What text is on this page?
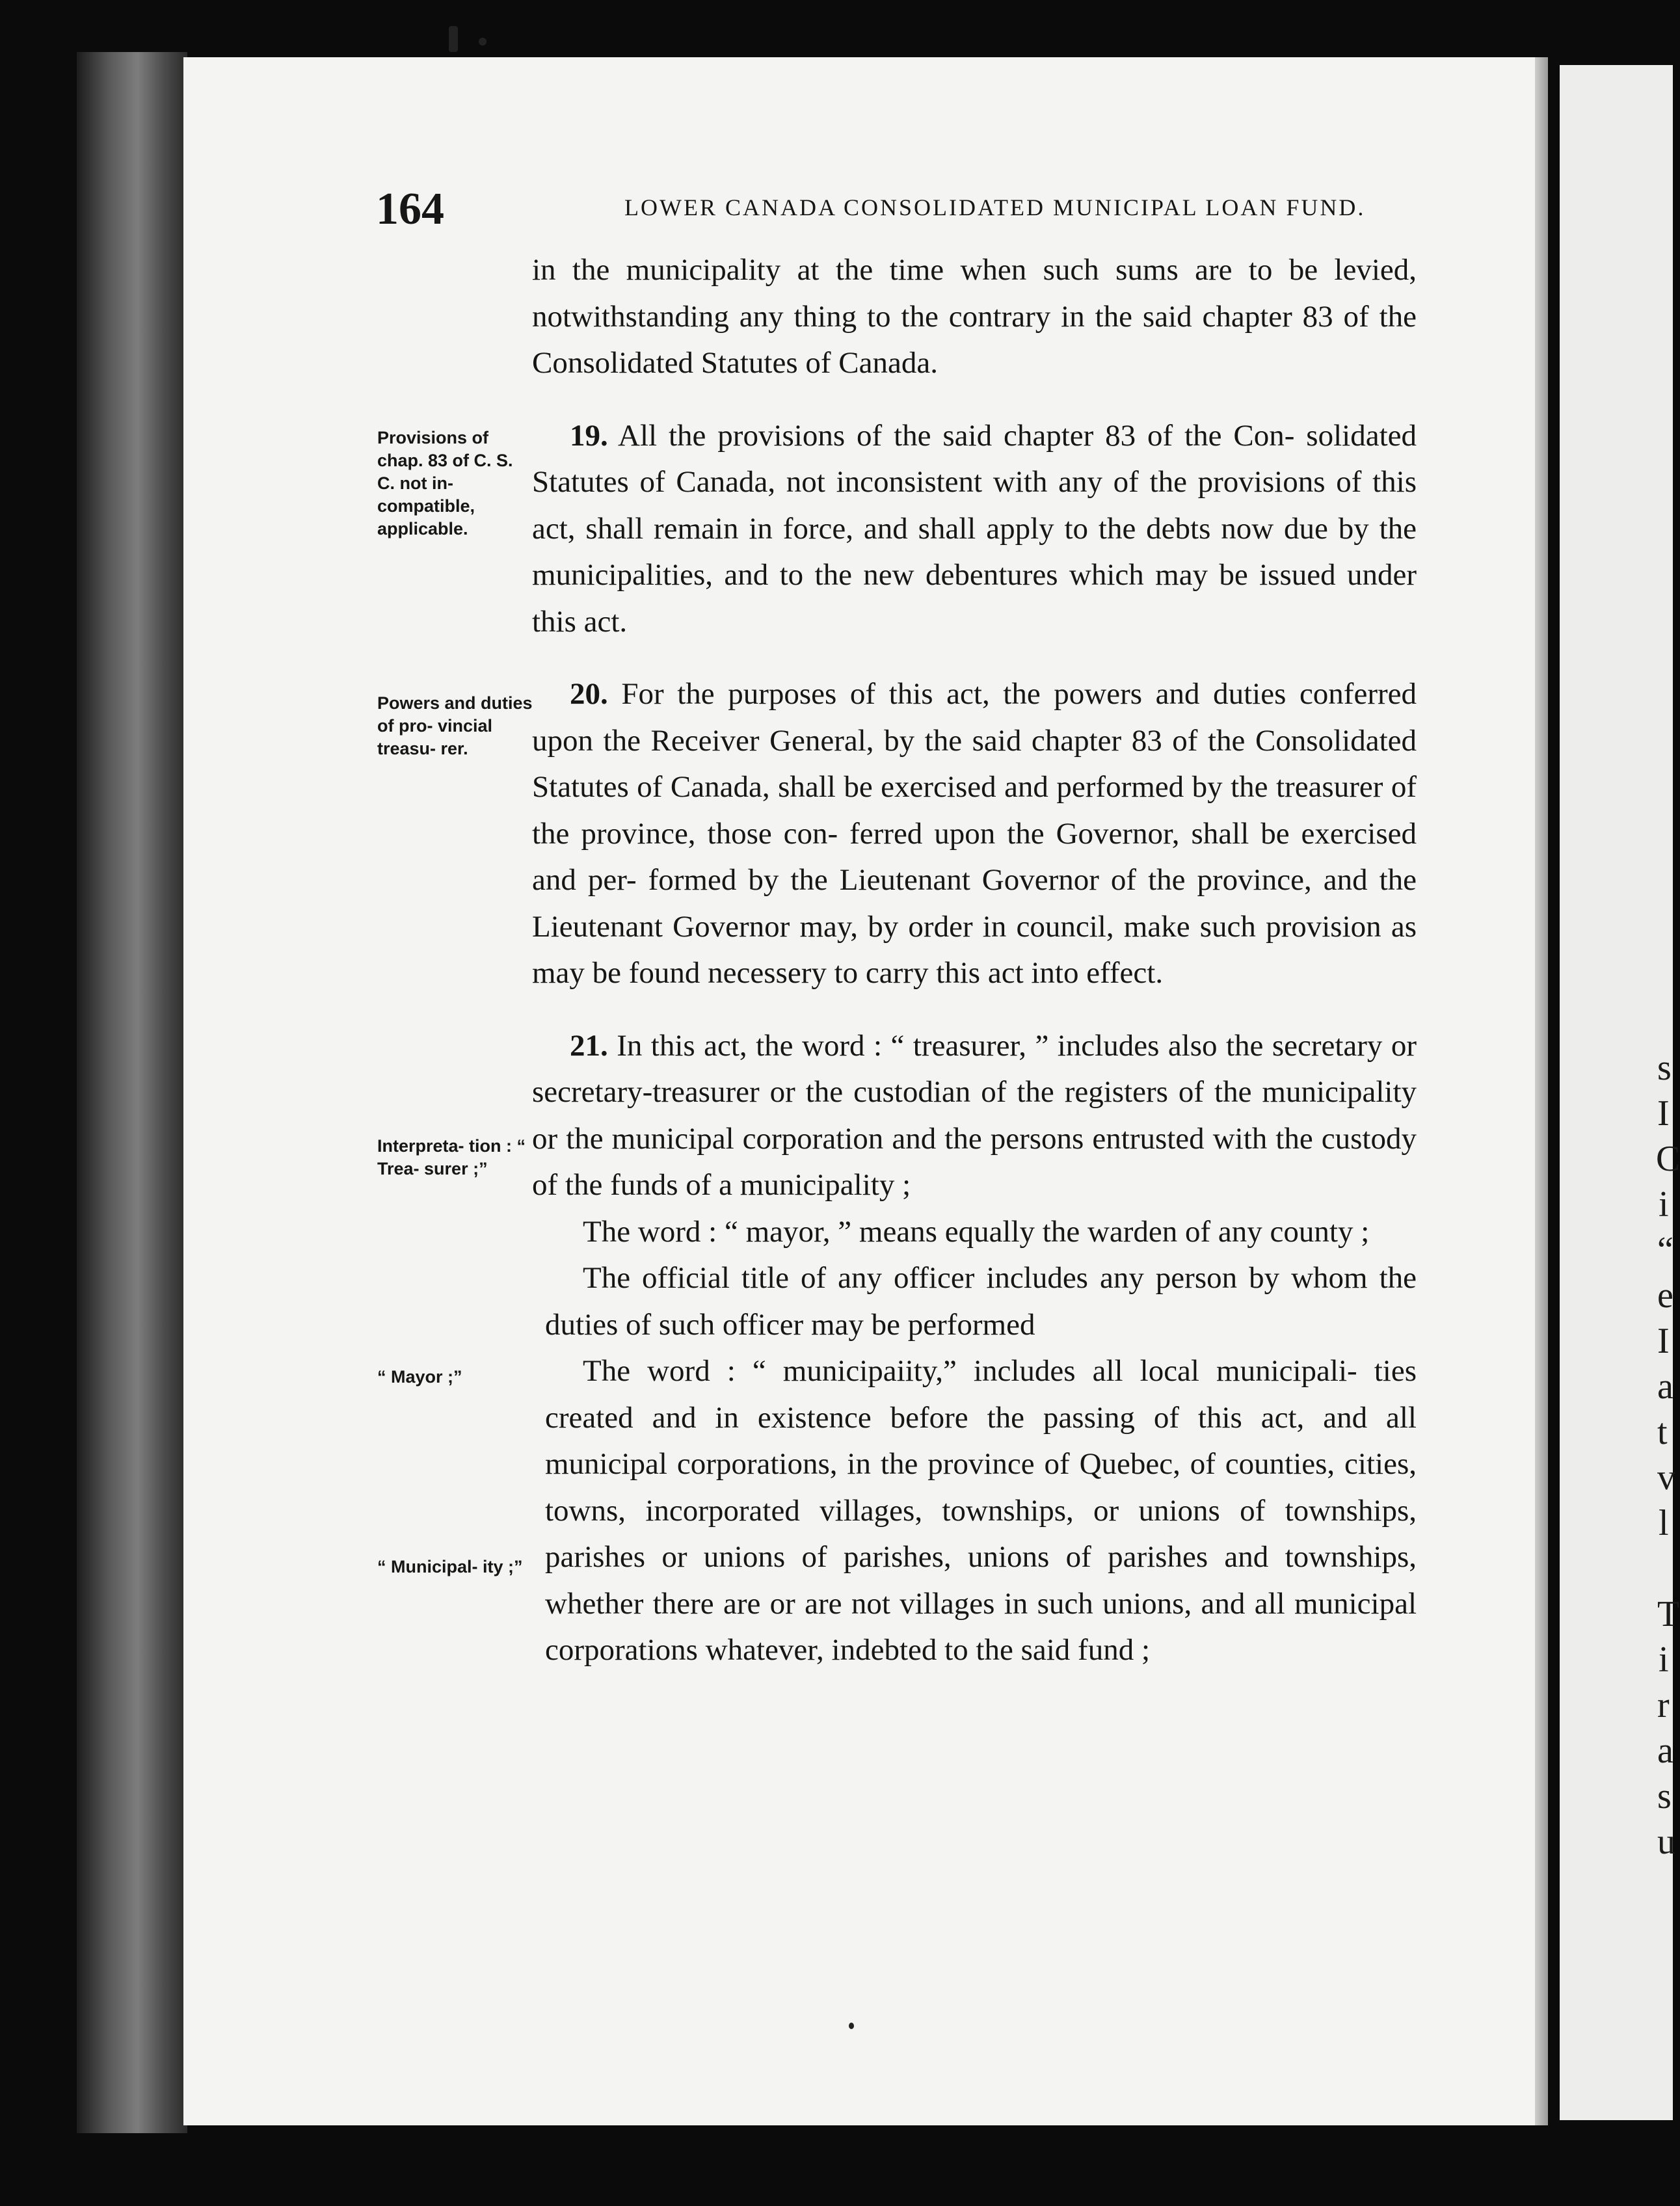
s
I
C
i
“
e
I
a
t
v
l
T
i
r
a
s
u
164	LOWER CANADA CONSOLIDATED MUNICIPAL LOAN FUND.
Provisions of chap. 83 of C. S. C. not in- compatible, applicable.
Powers and duties of pro- vincial treasu- rer.
Interpreta- tion : “ Trea- surer ;”
“ Mayor ;”
“ Municipal- ity ;”

in the municipality at the time when such sums are to be levied, notwithstanding any thing to the contrary in the said chapter 83 of the Consolidated Statutes of Canada.

19. All the provisions of the said chapter 83 of the Con- solidated Statutes of Canada, not inconsistent with any of the provisions of this act, shall remain in force, and shall apply to the debts now due by the municipalities, and to the new debentures which may be issued under this act.

20. For the purposes of this act, the powers and duties conferred upon the Receiver General, by the said chapter 83 of the Consolidated Statutes of Canada, shall be exercised and performed by the treasurer of the province, those con- ferred upon the Governor, shall be exercised and per- formed by the Lieutenant Governor of the province, and the Lieutenant Governor may, by order in council, make such provision as may be found necessery to carry this act into effect.

21. In this act, the word : “ treasurer, ” includes also the secretary or secretary-treasurer or the custodian of the registers of the municipality or the municipal corporation and the persons entrusted with the custody of the funds of a municipality ;

The word : “ mayor, ” means equally the warden of any county ;

The official title of any officer includes any person by whom the duties of such officer may be performed

The word : “ municipaiity,” includes all local municipali- ties created and in existence before the passing of this act, and all municipal corporations, in the province of Quebec, of counties, cities, towns, incorporated villages, townships, or unions of townships, parishes or unions of parishes, unions of parishes and townships, whether there are or are not villages in such unions, and all municipal corporations whatever, indebted to the said fund ;
